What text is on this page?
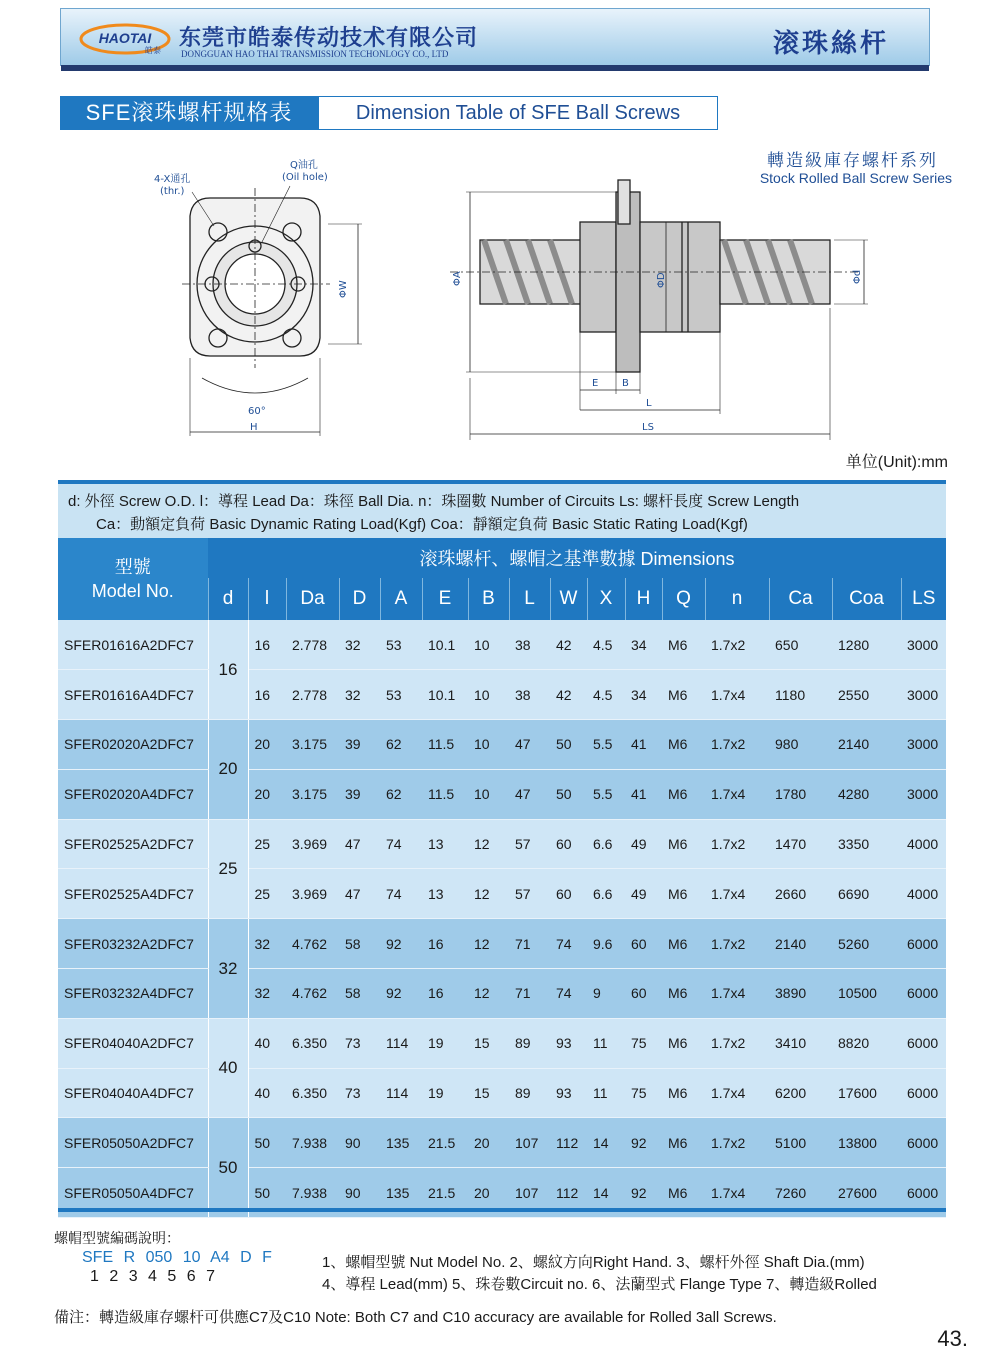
HAOTAI
皓泰
东莞市皓泰传动技术有限公司
DONGGUAN HAO THAI TRANSMISSION TECHONLOGY CO., LTD	滚珠絲杆
SFE滚珠螺杆规格表	Dimension Table of SFE Ball Screws
轉造級庫存螺杆系列
Stock Rolled Ball Screw Series
4-X通孔
(thr.)
Q油孔
(Oil hole)
ΦW
60°
H
ΦA	ΦD	Φd
E B
L
LS
单位(Unit):mm
d: 外徑 Screw O.D. l：導程 Lead Da：珠徑 Ball Dia. n：珠圈數 Number of Circuits Ls: 螺杆長度 Screw Length
Ca：動額定負荷 Basic Dynamic Rating Load(Kgf) Coa：靜額定負荷 Basic Static Rating Load(Kgf)
型號
Model No.	滚珠螺杆、螺帽之基準數據 Dimensions															
	d	l	Da	D	A	E	B	L	W	X	H	Q	n	Ca	Coa	LS
SFER01616A2DFC7	16	16	2.778	32	53	10.1	10	38	42	4.5	34	M6	1.7x2	650	1280	3000
SFER01616A4DFC7		16	2.778	32	53	10.1	10	38	42	4.5	34	M6	1.7x4	1180	2550	3000
SFER02020A2DFC7	20	20	3.175	39	62	11.5	10	47	50	5.5	41	M6	1.7x2	980	2140	3000
SFER02020A4DFC7		20	3.175	39	62	11.5	10	47	50	5.5	41	M6	1.7x4	1780	4280	3000
SFER02525A2DFC7	25	25	3.969	47	74	13	12	57	60	6.6	49	M6	1.7x2	1470	3350	4000
SFER02525A4DFC7		25	3.969	47	74	13	12	57	60	6.6	49	M6	1.7x4	2660	6690	4000
SFER03232A2DFC7	32	32	4.762	58	92	16	12	71	74	9.6	60	M6	1.7x2	2140	5260	6000
SFER03232A4DFC7		32	4.762	58	92	16	12	71	74	9	60	M6	1.7x4	3890	10500	6000
SFER04040A2DFC7	40	40	6.350	73	114	19	15	89	93	11	75	M6	1.7x2	3410	8820	6000
SFER04040A4DFC7		40	6.350	73	114	19	15	89	93	11	75	M6	1.7x4	6200	17600	6000
SFER05050A2DFC7	50	50	7.938	90	135	21.5	20	107	112	14	92	M6	1.7x2	5100	13800	6000
SFER05050A4DFC7		50	7.938	90	135	21.5	20	107	112	14	92	M6	1.7x4	7260	27600	6000
螺帽型號編碼說明：
SFE R 050 10 A4 D F
1 2 3 4 5 6 7
1、螺帽型號 Nut Model No. 2、螺紋方向Right Hand. 3、螺杆外徑 Shaft Dia.(mm)
4、導程 Lead(mm) 5、珠卷數Circuit no. 6、法蘭型式 Flange Type 7、轉造級Rolled
備注：轉造級庫存螺杆可供應C7及C10 Note: Both C7 and C10 accuracy are available for Rolled 3all Screws.
43.
